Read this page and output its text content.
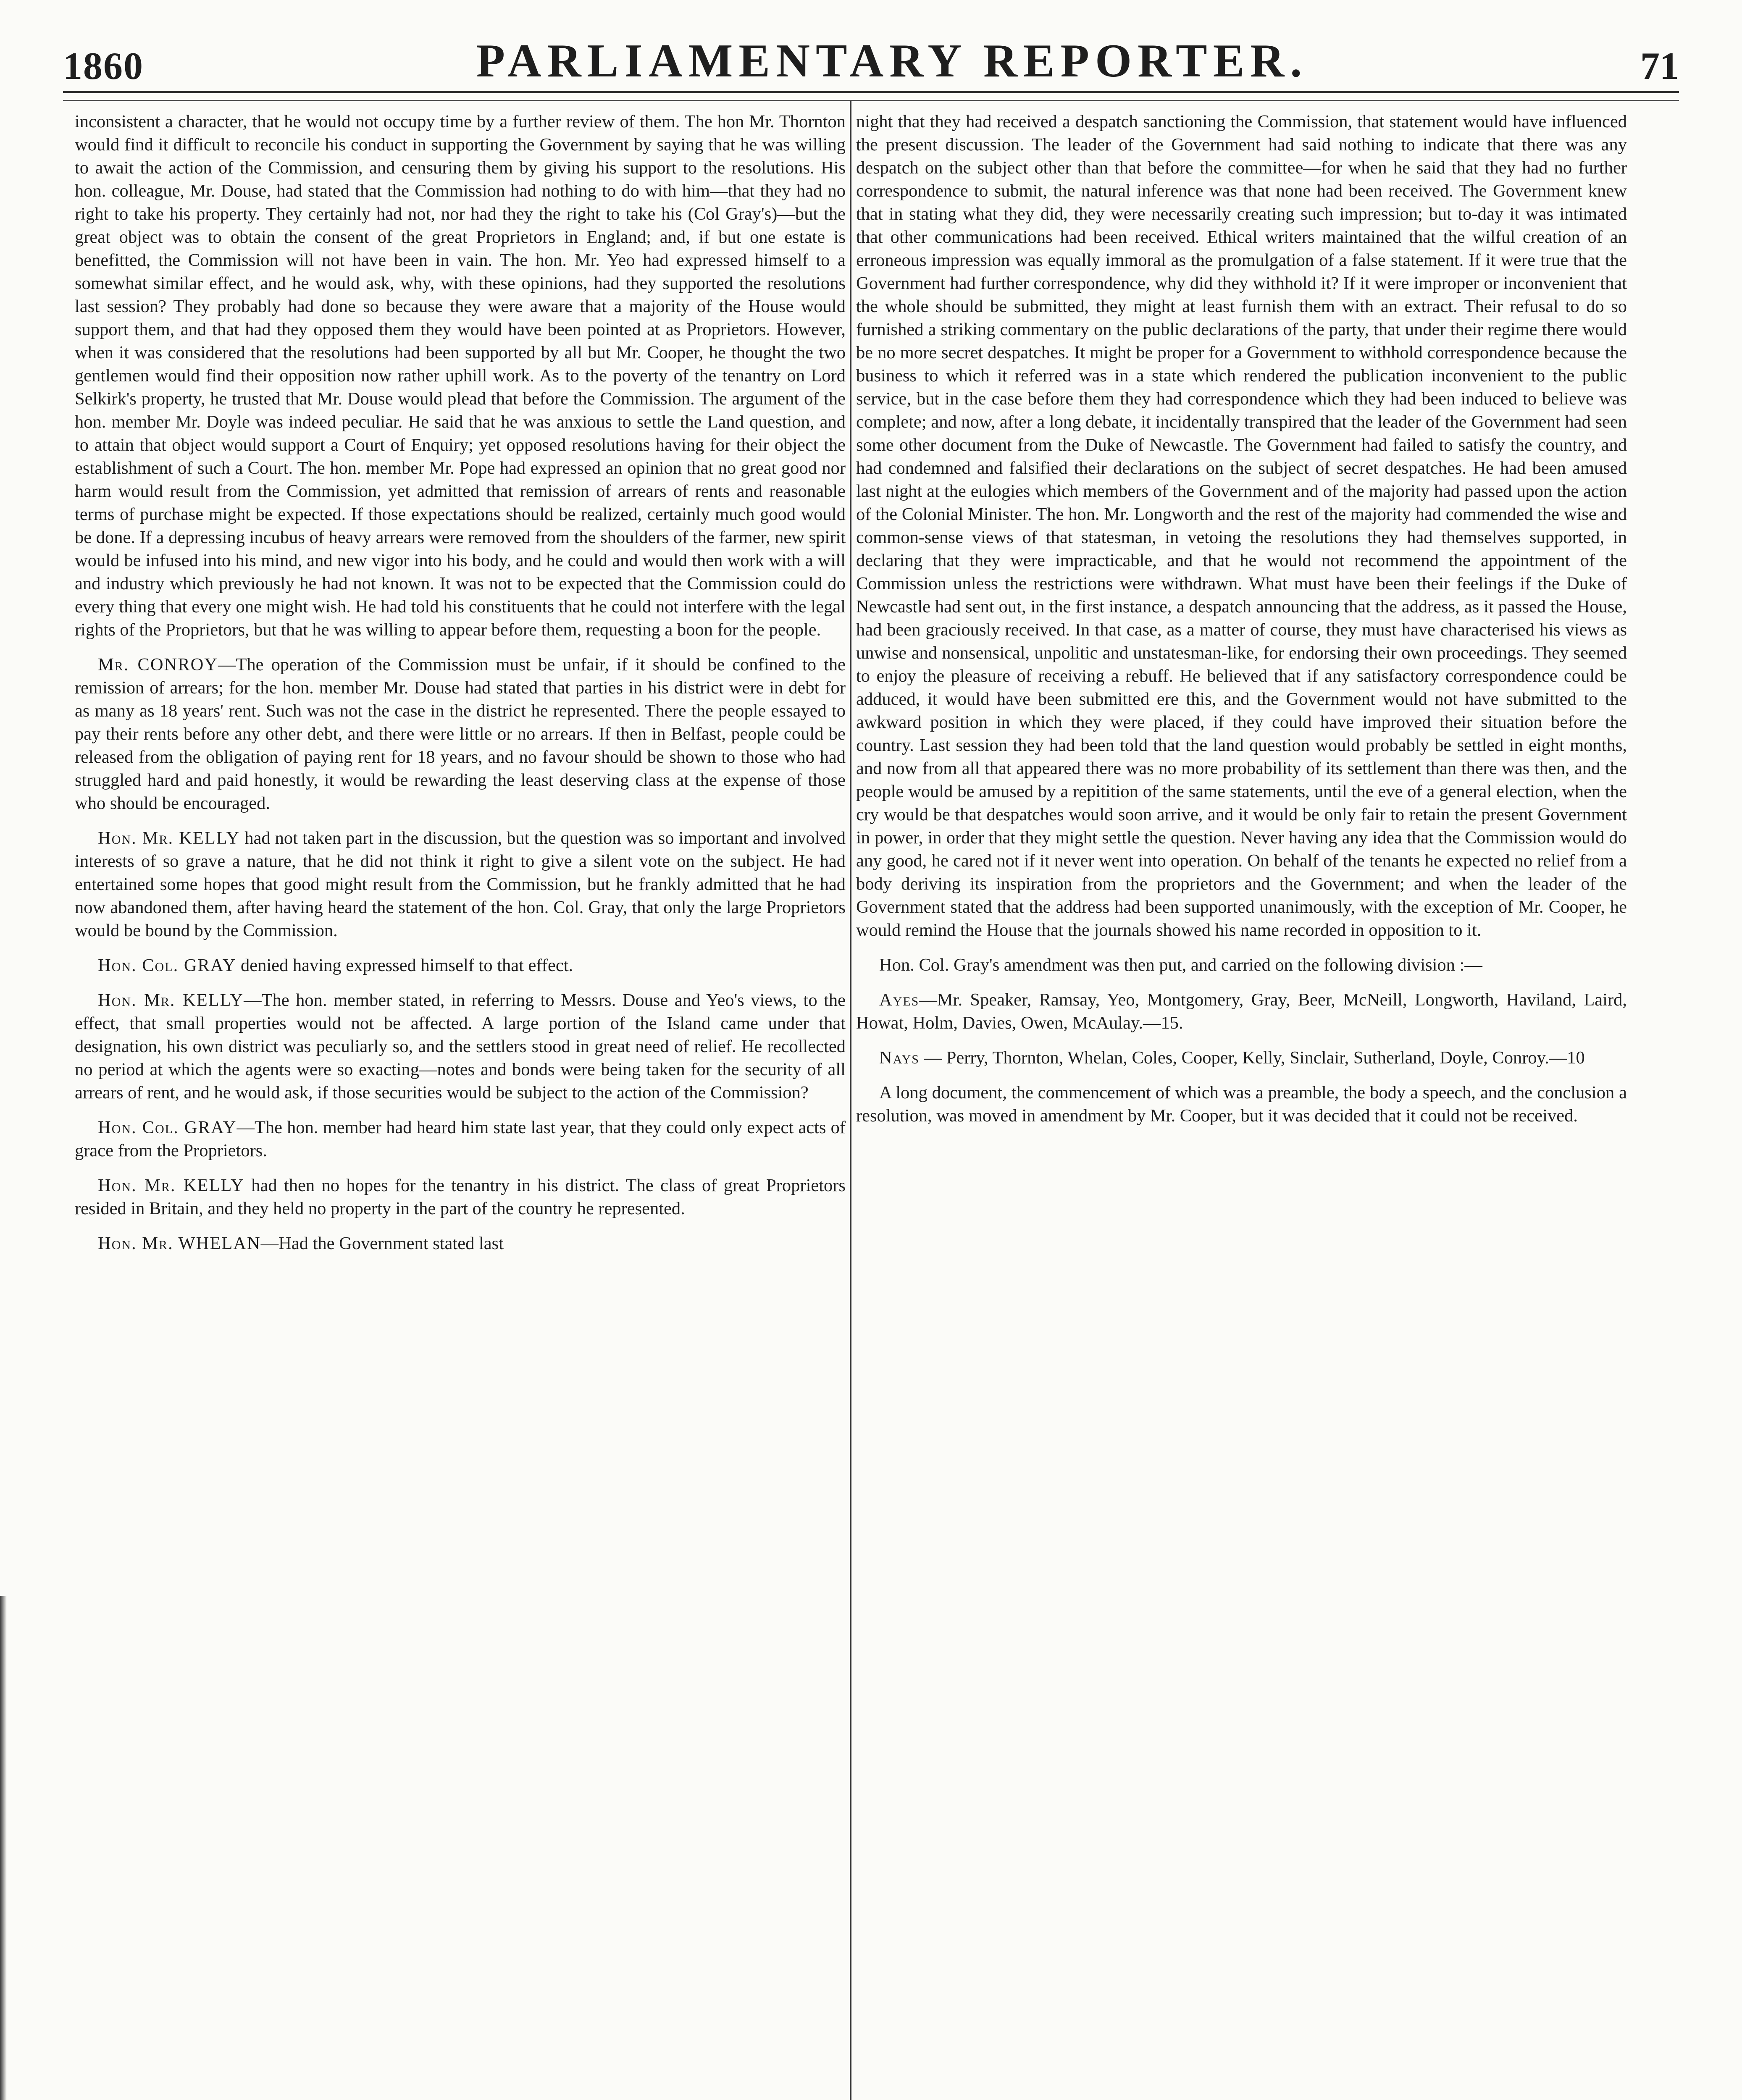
1860	PARLIAMENTARY REPORTER.	71

inconsistent a character, that he would not occupy time by a further review of them. The hon Mr. Thornton would find it difficult to reconcile his conduct in supporting the Government by saying that he was willing to await the action of the Commission, and censuring them by giving his support to the resolutions. His hon. colleague, Mr. Douse, had stated that the Commission had nothing to do with him—that they had no right to take his property. They certainly had not, nor had they the right to take his (Col Gray's)—but the great object was to obtain the consent of the great Proprietors in England; and, if but one estate is benefitted, the Commission will not have been in vain. The hon. Mr. Yeo had expressed himself to a somewhat similar effect, and he would ask, why, with these opinions, had they supported the resolutions last session? They probably had done so because they were aware that a majority of the House would support them, and that had they opposed them they would have been pointed at as Proprietors. However, when it was considered that the resolutions had been supported by all but Mr. Cooper, he thought the two gentlemen would find their opposition now rather uphill work. As to the poverty of the tenantry on Lord Selkirk's property, he trusted that Mr. Douse would plead that before the Commission. The argument of the hon. member Mr. Doyle was indeed peculiar. He said that he was anxious to settle the Land question, and to attain that object would support a Court of Enquiry; yet opposed resolutions having for their object the establishment of such a Court. The hon. member Mr. Pope had expressed an opinion that no great good nor harm would result from the Commission, yet admitted that remission of arrears of rents and reasonable terms of purchase might be expected. If those expectations should be realized, certainly much good would be done. If a depressing incubus of heavy arrears were removed from the shoulders of the farmer, new spirit would be infused into his mind, and new vigor into his body, and he could and would then work with a will and industry which previously he had not known. It was not to be expected that the Commission could do every thing that every one might wish. He had told his constituents that he could not interfere with the legal rights of the Proprietors, but that he was willing to appear before them, requesting a boon for the people.

Mr. CONROY—The operation of the Commission must be unfair, if it should be confined to the remission of arrears; for the hon. member Mr. Douse had stated that parties in his district were in debt for as many as 18 years' rent. Such was not the case in the district he represented. There the people essayed to pay their rents before any other debt, and there were little or no arrears. If then in Belfast, people could be released from the obligation of paying rent for 18 years, and no favour should be shown to those who had struggled hard and paid honestly, it would be rewarding the least deserving class at the expense of those who should be encouraged.

Hon. Mr. KELLY had not taken part in the discussion, but the question was so important and involved interests of so grave a nature, that he did not think it right to give a silent vote on the subject. He had entertained some hopes that good might result from the Commission, but he frankly admitted that he had now abandoned them, after having heard the statement of the hon. Col. Gray, that only the large Proprietors would be bound by the Commission.

Hon. Col. GRAY denied having expressed himself to that effect.

Hon. Mr. KELLY—The hon. member stated, in referring to Messrs. Douse and Yeo's views, to the effect, that small properties would not be affected. A large portion of the Island came under that designation, his own district was peculiarly so, and the settlers stood in great need of relief. He recollected no period at which the agents were so exacting—notes and bonds were being taken for the security of all arrears of rent, and he would ask, if those securities would be subject to the action of the Commission?

Hon. Col. GRAY—The hon. member had heard him state last year, that they could only expect acts of grace from the Proprietors.

Hon. Mr. KELLY had then no hopes for the tenantry in his district. The class of great Proprietors resided in Britain, and they held no property in the part of the country he represented.

Hon. Mr. WHELAN—Had the Government stated last

night that they had received a despatch sanctioning the Commission, that statement would have influenced the present discussion. The leader of the Government had said nothing to indicate that there was any despatch on the subject other than that before the committee—for when he said that they had no further correspondence to submit, the natural inference was that none had been received. The Government knew that in stating what they did, they were necessarily creating such impression; but to-day it was intimated that other communications had been received. Ethical writers maintained that the wilful creation of an erroneous impression was equally immoral as the promulgation of a false statement. If it were true that the Government had further correspondence, why did they withhold it? If it were improper or inconvenient that the whole should be submitted, they might at least furnish them with an extract. Their refusal to do so furnished a striking commentary on the public declarations of the party, that under their regime there would be no more secret despatches. It might be proper for a Government to withhold correspondence because the business to which it referred was in a state which rendered the publication inconvenient to the public service, but in the case before them they had correspondence which they had been induced to believe was complete; and now, after a long debate, it incidentally transpired that the leader of the Government had seen some other document from the Duke of Newcastle. The Government had failed to satisfy the country, and had condemned and falsified their declarations on the subject of secret despatches. He had been amused last night at the eulogies which members of the Government and of the majority had passed upon the action of the Colonial Minister. The hon. Mr. Longworth and the rest of the majority had commended the wise and common-sense views of that statesman, in vetoing the resolutions they had themselves supported, in declaring that they were impracticable, and that he would not recommend the appointment of the Commission unless the restrictions were withdrawn. What must have been their feelings if the Duke of Newcastle had sent out, in the first instance, a despatch announcing that the address, as it passed the House, had been graciously received. In that case, as a matter of course, they must have characterised his views as unwise and nonsensical, unpolitic and unstatesman-like, for endorsing their own proceedings. They seemed to enjoy the pleasure of receiving a rebuff. He believed that if any satisfactory correspondence could be adduced, it would have been submitted ere this, and the Government would not have submitted to the awkward position in which they were placed, if they could have improved their situation before the country. Last session they had been told that the land question would probably be settled in eight months, and now from all that appeared there was no more probability of its settlement than there was then, and the people would be amused by a repitition of the same statements, until the eve of a general election, when the cry would be that despatches would soon arrive, and it would be only fair to retain the present Government in power, in order that they might settle the question. Never having any idea that the Commission would do any good, he cared not if it never went into operation. On behalf of the tenants he expected no relief from a body deriving its inspiration from the proprietors and the Government; and when the leader of the Government stated that the address had been supported unanimously, with the exception of Mr. Cooper, he would remind the House that the journals showed his name recorded in opposition to it.

Hon. Col. Gray's amendment was then put, and carried on the following division :—

Ayes—Mr. Speaker, Ramsay, Yeo, Montgomery, Gray, Beer, McNeill, Longworth, Haviland, Laird, Howat, Holm, Davies, Owen, McAulay.—15.

Nays — Perry, Thornton, Whelan, Coles, Cooper, Kelly, Sinclair, Sutherland, Doyle, Conroy.—10

A long document, the commencement of which was a preamble, the body a speech, and the conclusion a resolution, was moved in amendment by Mr. Cooper, but it was decided that it could not be received.
